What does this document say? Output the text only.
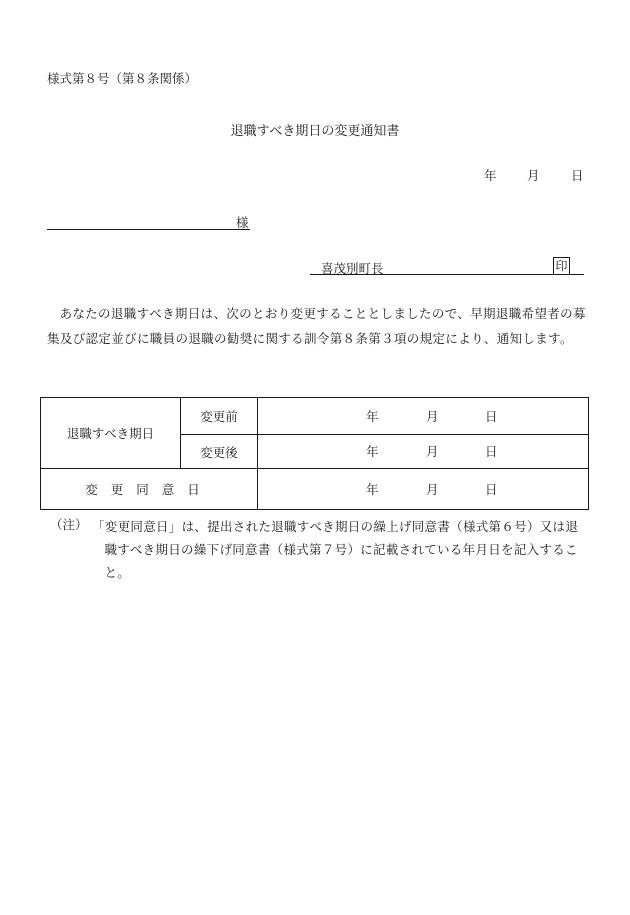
様式第８号（第８条関係）
退職すべき期日の変更通知書
年 月	日
様
喜茂別町長	印

あなたの退職すべき期日は、次のとおり変更することとしましたので、早期退職希望者の募集及び認定並びに職員の退職の勧奨に関する訓令第８条第３項の規定により、通知します。

退職すべき期日	変更前	年 月 日

	変更後	年 月 日

変更同意日		年 月 日
（注） 「変更同意日」は、提出された退職すべき期日の繰上げ同意書（様式第６号）又は退職すべき期日の繰下げ同意書（様式第７号）に記載されている年月日を記入すること。
